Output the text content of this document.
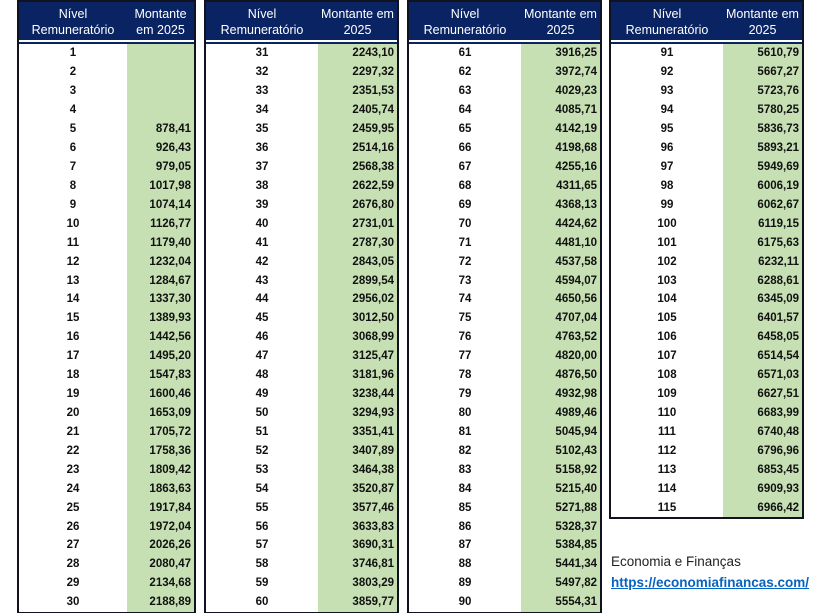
Nível Remuneratório
Montante em 2025
1
2
3
4
5	878,41
6	926,43
7	979,05
8	1017,98
9	1074,14
10	1126,77
11	1179,40
12	1232,04
13	1284,67
14	1337,30
15	1389,93
16	1442,56
17	1495,20
18	1547,83
19	1600,46
20	1653,09
21	1705,72
22	1758,36
23	1809,42
24	1863,63
25	1917,84
26	1972,04
27	2026,26
28	2080,47
29	2134,68
30	2188,89
Nível Remuneratório
Montante em 2025
31	2243,10
32	2297,32
33	2351,53
34	2405,74
35	2459,95
36	2514,16
37	2568,38
38	2622,59
39	2676,80
40	2731,01
41	2787,30
42	2843,05
43	2899,54
44	2956,02
45	3012,50
46	3068,99
47	3125,47
48	3181,96
49	3238,44
50	3294,93
51	3351,41
52	3407,89
53	3464,38
54	3520,87
55	3577,46
56	3633,83
57	3690,31
58	3746,81
59	3803,29
60	3859,77
Nível Remuneratório
Montante em 2025
61	3916,25
62	3972,74
63	4029,23
64	4085,71
65	4142,19
66	4198,68
67	4255,16
68	4311,65
69	4368,13
70	4424,62
71	4481,10
72	4537,58
73	4594,07
74	4650,56
75	4707,04
76	4763,52
77	4820,00
78	4876,50
79	4932,98
80	4989,46
81	5045,94
82	5102,43
83	5158,92
84	5215,40
85	5271,88
86	5328,37
87	5384,85
88	5441,34
89	5497,82
90	5554,31
Nível Remuneratório
Montante em 2025
91	5610,79
92	5667,27
93	5723,76
94	5780,25
95	5836,73
96	5893,21
97	5949,69
98	6006,19
99	6062,67
100	6119,15
101	6175,63
102	6232,11
103	6288,61
104	6345,09
105	6401,57
106	6458,05
107	6514,54
108	6571,03
109	6627,51
110	6683,99
111	6740,48
112	6796,96
113	6853,45
114	6909,93
115	6966,42
Economia e Finanças
https://economiafinancas.com/
